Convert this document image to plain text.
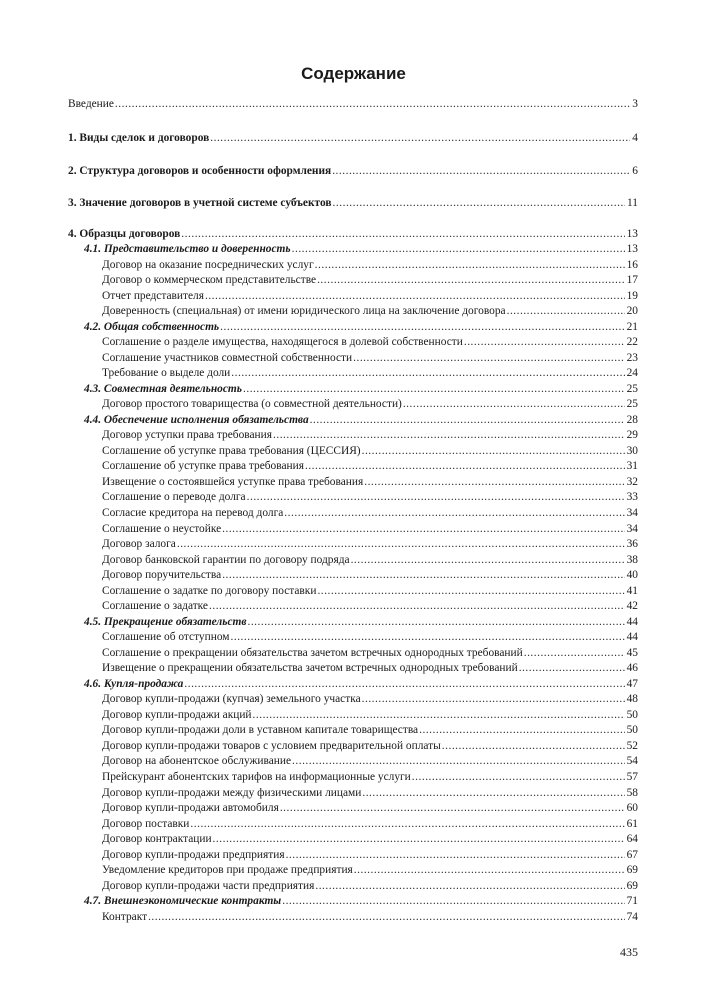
Содержание
Введение .....	3
1. Виды сделок и договоров .....	4
2. Структура договоров и особенности оформления .....	6
3. Значение договоров в учетной системе субъектов .....	11
4. Образцы договоров .....	13
4.1. Представительство и доверенность .....	13
Договор на оказание посреднических услуг .....	16
Договор о коммерческом представительстве .....	17
Отчет представителя .....	19
Доверенность (специальная) от имени юридического лица на заключение договора .....	20
4.2. Общая собственность .....	21
Соглашение о разделе имущества, находящегося в долевой собственности .....	22
Соглашение участников совместной собственности .....	23
Требование о выделе доли .....	24
4.3. Совместная деятельность .....	25
Договор простого товарищества (о совместной деятельности) .....	25
4.4. Обеспечение исполнения обязательства .....	28
Договор уступки права требования .....	29
Соглашение об уступке права требования (ЦЕССИЯ) .....	30
Соглашение об уступке права требования .....	31
Извещение о состоявшейся уступке права требования .....	32
Соглашение о переводе долга .....	33
Согласие кредитора на перевод долга .....	34
Соглашение о неустойке .....	34
Договор залога .....	36
Договор банковской гарантии по договору подряда .....	38
Договор поручительства .....	40
Соглашение о задатке по договору поставки .....	41
Соглашение о задатке .....	42
4.5. Прекращение обязательств .....	44
Соглашение об отступном .....	44
Соглашение о прекращении обязательства зачетом встречных однородных требований .....	45
Извещение о прекращении обязательства зачетом встречных однородных требований .....	46
4.6. Купля-продажа .....	47
Договор купли-продажи (купчая) земельного участка .....	48
Договор купли-продажи акций .....	50
Договор купли-продажи доли в уставном капитале товарищества .....	50
Договор купли-продажи товаров с условием предварительной оплаты .....	52
Договор на абонентское обслуживание .....	54
Прейскурант абонентских тарифов на информационные услуги .....	57
Договор купли-продажи между физическими лицами .....	58
Договор купли-продажи автомобиля .....	60
Договор поставки .....	61
Договор контрактации .....	64
Договор купли-продажи предприятия .....	67
Уведомление кредиторов при продаже предприятия .....	69
Договор купли-продажи части предприятия .....	69
4.7. Внешнеэкономические контракты .....	71
Контракт .....	74
435
